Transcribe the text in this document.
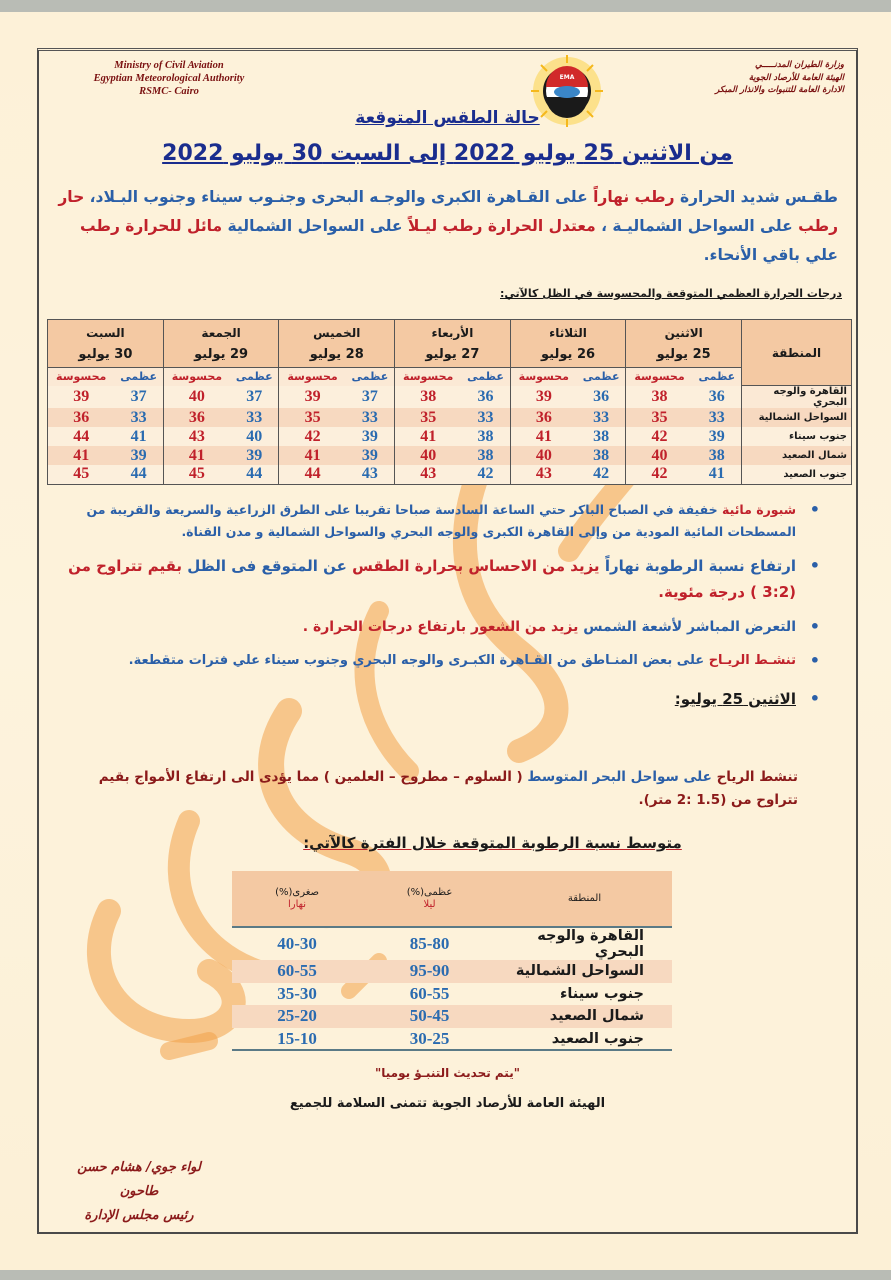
Ministry of Civil Aviation
Egyptian Meteorological Authority
RSMC- Cairo
EMA
وزارة الطيران المدنـــــي
الهيئة العامة للأرصاد الجوية
الادارة العامة للتنبوات والانذار المبكر
حالة الطقس المتوقعة
من الاثنين 25 يوليو 2022 إلى السبت 30 يوليو 2022
طقـس شديد الحرارة رطب نهاراً على القـاهرة الكبرى والوجـه البحرى وجنـوب سيناء وجنوب البـلاد، حار رطب على السواحل الشماليـة ، معتدل الحرارة رطب ليـلاً على السواحل الشمالية مائل للحرارة رطب علي باقي الأنحاء.
درجات الحرارة العظمي المتوقعة والمحسوسة في الظل كالآتي:
المنطقة	
الاثنين
25 يوليو

الثلاثاء
26 يوليو

الأربعاء
27 يوليو

الخميس
28 يوليو

الجمعة
29 يوليو

السبت
30 يوليو

	عظمى	محسوسة	عظمى	محسوسة	عظمى	محسوسة	عظمى	محسوسة	عظمى	محسوسة	عظمى	محسوسة
القاهرة والوجه البحري	36	38	36	39	36	38	37	39	37	40	37	39
السواحل الشمالية	33	35	33	36	33	35	33	35	33	36	33	36
جنوب سيناء	39	42	38	41	38	41	39	42	40	43	41	44
شمال الصعيد	38	40	38	40	38	40	39	41	39	41	39	41
جنوب الصعيد	41	42	42	43	42	43	43	44	44	45	44	45
• شبورة مائية خفيفة في الصباح الباكر حتي الساعة السادسة صباحا تقريبا على الطرق الزراعية والسريعة والقريبة من المسطحات المائية المودية من وإلى القاهرة الكبرى والوجه البحري والسواحل الشمالية و مدن القناة.
• ارتفاع نسبة الرطوبة نهاراً يزيد من الاحساس بحرارة الطقس عن المتوقع فى الظل بقيم تتراوح من (3:2 ) درجة مئوية.
• التعرض المباشر لأشعة الشمس يزيد من الشعور بارتفاع درجات الحرارة .
• تنشـط الريـاح على بعض المنـاطق من القـاهرة الكبـرى والوجه البحري وجنوب سيناء علي فترات متقطعة.
• الاثنين 25 يوليو:
تنشط الرياح على سواحل البحر المتوسط ( السلوم – مطروح – العلمين ) مما يؤدى الى ارتفاع الأمواج بقيم تتراوح من (1.5 :2 متر).
متوسط نسبة الرطوبة المتوقعة خلال الفترة كالآتي:
المنطقة	
عظمى(%)
ليلا

صغرى(%)
نهارا

القاهرة والوجه البحري	85-80	40-30
السواحل الشمالية	95-90	60-55
جنوب سيناء	60-55	35-30
شمال الصعيد	50-45	25-20
جنوب الصعيد	30-25	15-10
"يتم تحديث التنبـؤ يوميا"
الهيئة العامة للأرصاد الجوية تتمنى السلامة للجميع
لواء جوي/ هشام حسن طاحون
رئيس مجلس الإدارة
